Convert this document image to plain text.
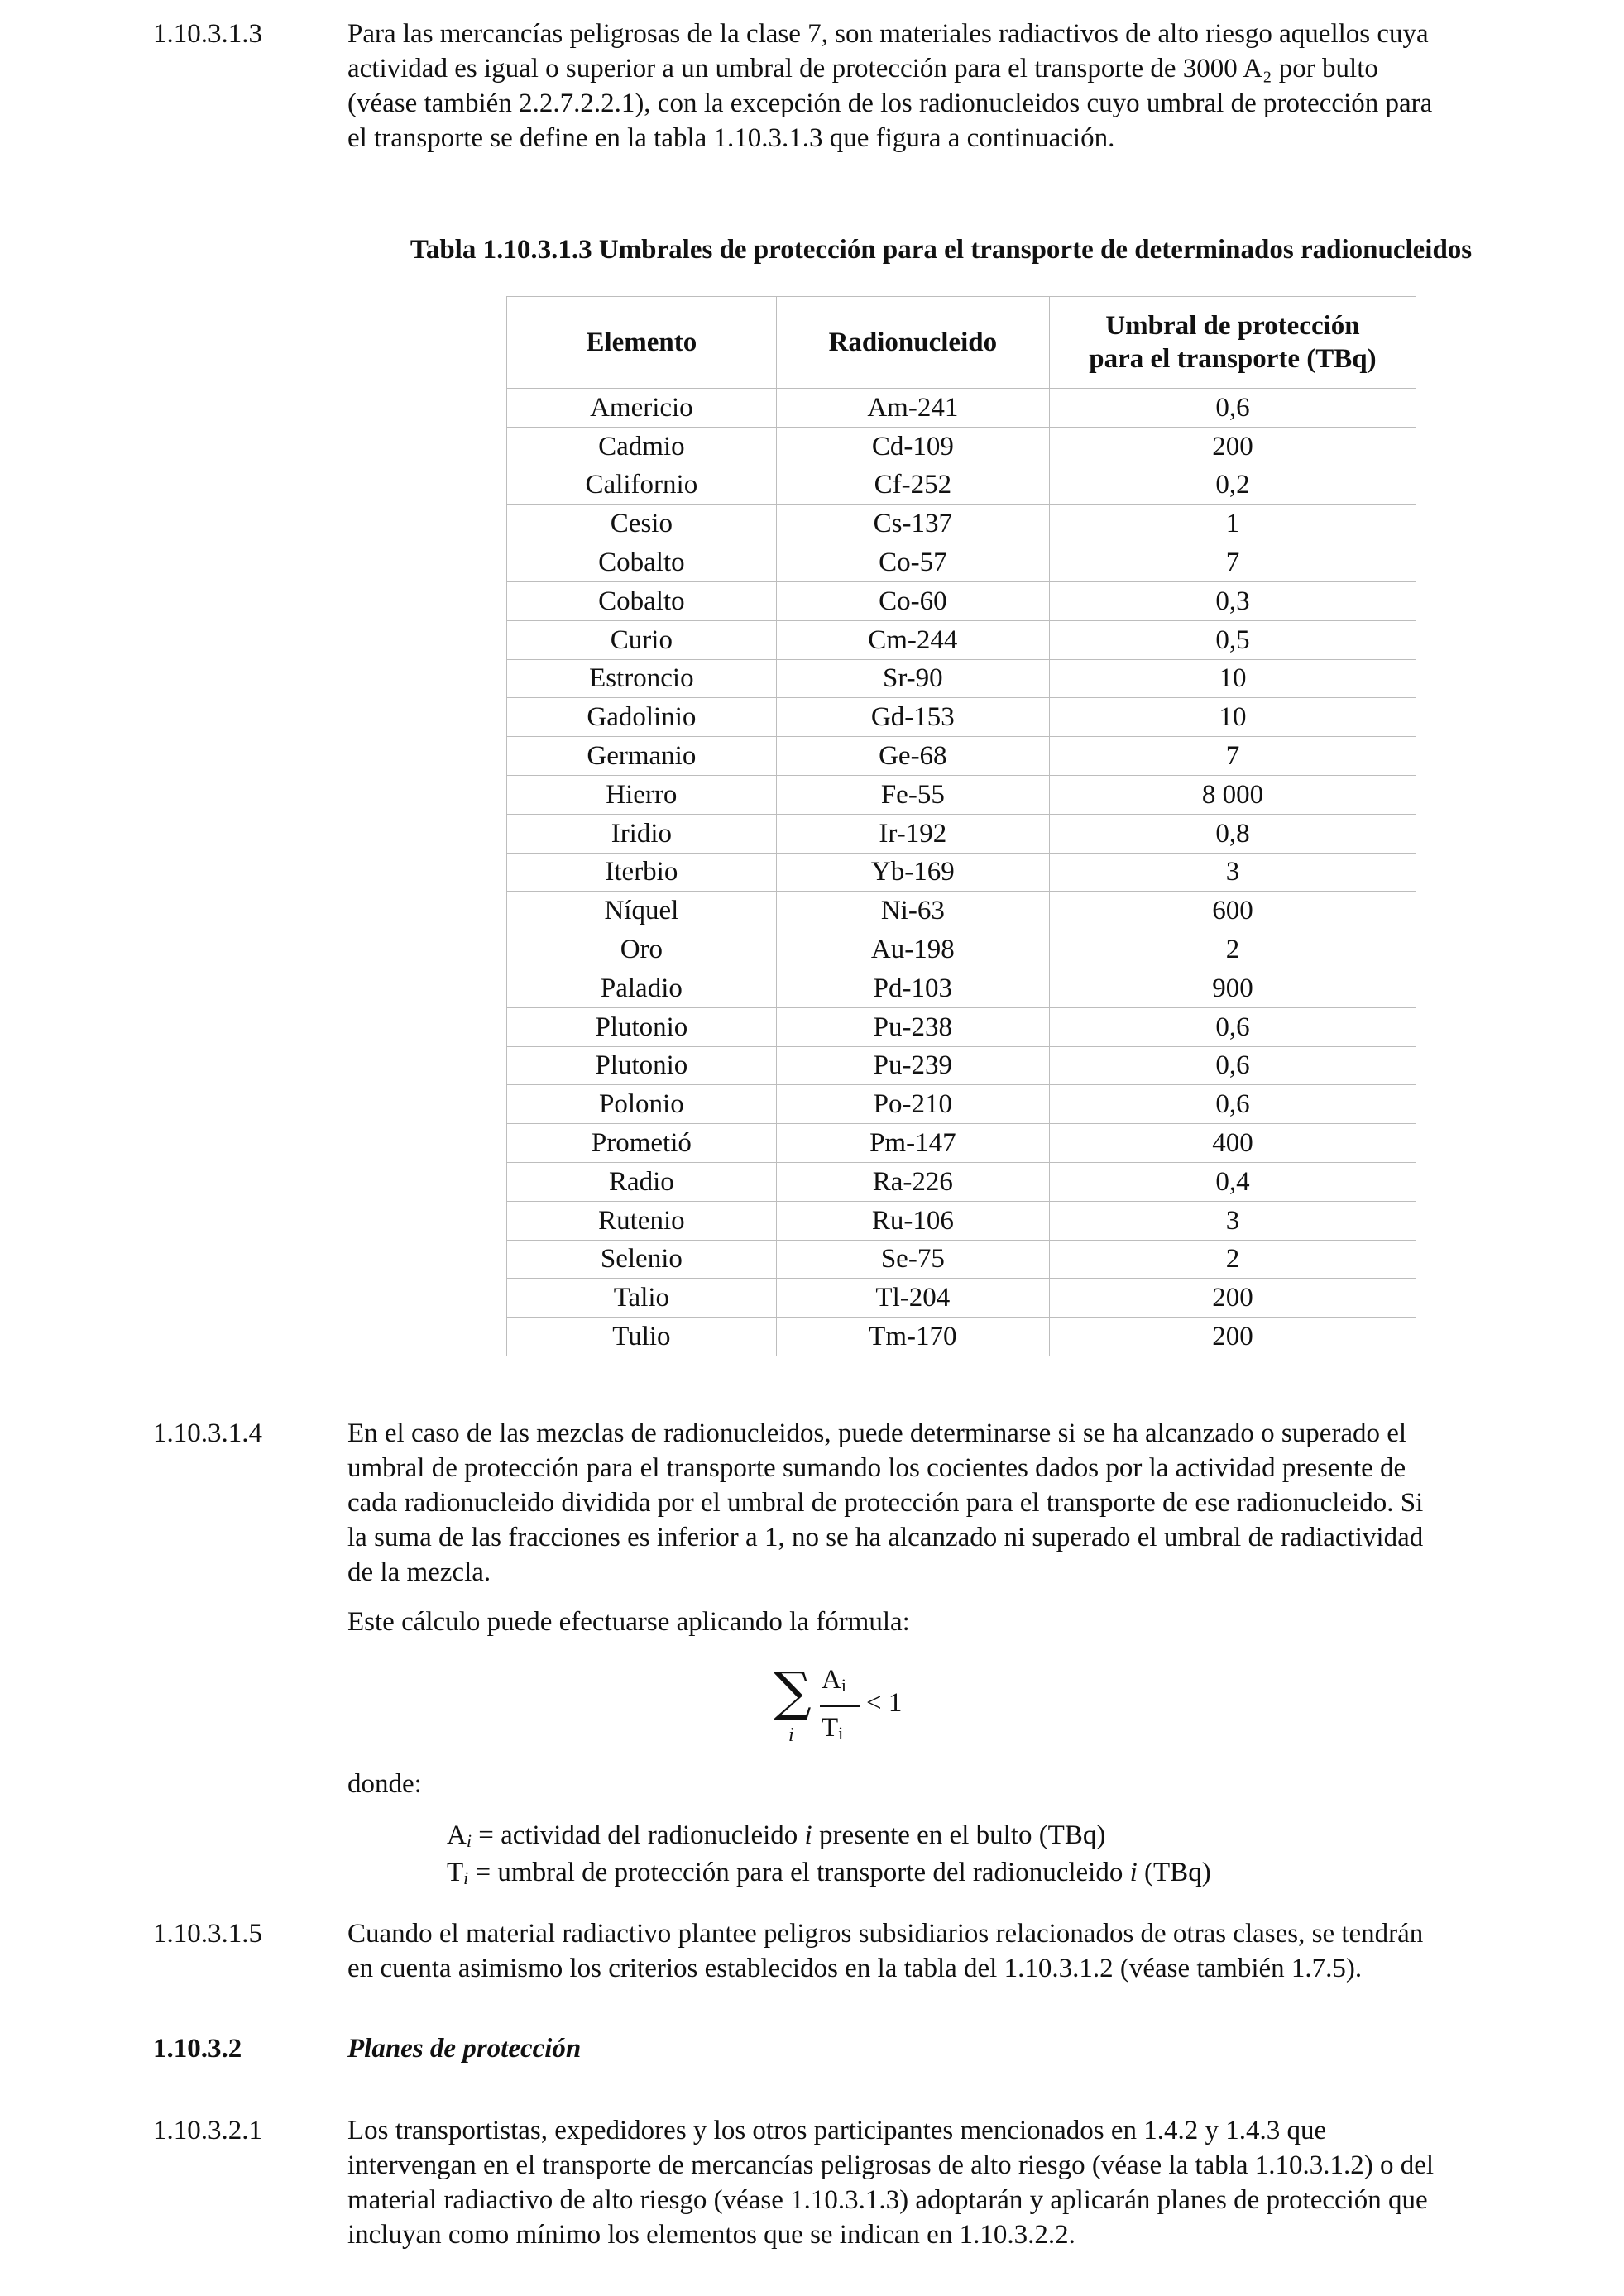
1.10.3.1.3	Para las mercancías peligrosas de la clase 7, son materiales radiactivos de alto riesgo aquellos cuya

actividad es igual o superior a un umbral de protección para el transporte de 3000 A₂ por bulto

(véase también 2.2.7.2.2.1), con la excepción de los radionucleidos cuyo umbral de protección para

el transporte se define en la tabla 1.10.3.1.3 que figura a continuación.

Tabla 1.10.3.1.3 Umbrales de protección para el transporte de determinados radionucleidos
Elemento	Radionucleido	Umbral de protección
para el transporte (TBq)

Americio	Am-241	0,6
Cadmio	Cd-109	200
Californio	Cf-252	0,2
Cesio	Cs-137	1
Cobalto	Co-57	7
Cobalto	Co-60	0,3
Curio	Cm-244	0,5
Estroncio	Sr-90	10
Gadolinio	Gd-153	10
Germanio	Ge-68	7
Hierro	Fe-55	8 000
Iridio	Ir-192	0,8
Iterbio	Yb-169	3
Níquel	Ni-63	600
Oro	Au-198	2
Paladio	Pd-103	900
Plutonio	Pu-238	0,6
Plutonio	Pu-239	0,6
Polonio	Po-210	0,6
Prometió	Pm-147	400
Radio	Ra-226	0,4
Rutenio	Ru-106	3
Selenio	Se-75	2
Talio	Tl-204	200
Tulio	Tm-170	200
1.10.3.1.4	En el caso de las mezclas de radionucleidos, puede determinarse si se ha alcanzado o superado el

umbral de protección para el transporte sumando los cocientes dados por la actividad presente de

cada radionucleido dividida por el umbral de protección para el transporte de ese radionucleido. Si

la suma de las fracciones es inferior a 1, no se ha alcanzado ni superado el umbral de radiactividad

de la mezcla.

Este cálculo puede efectuarse aplicando la fórmula:
∑
i
Ai
Ti
< 1
donde:
Ai = actividad del radionucleido i presente en el bulto (TBq)
Ti = umbral de protección para el transporte del radionucleido i (TBq)
1.10.3.1.5	Cuando el material radiactivo plantee peligros subsidiarios relacionados de otras clases, se tendrán

en cuenta asimismo los criterios establecidos en la tabla del 1.10.3.1.2 (véase también 1.7.5).

1.10.3.2	Planes de protección
1.10.3.2.1	Los transportistas, expedidores y los otros participantes mencionados en 1.4.2 y 1.4.3 que

intervengan en el transporte de mercancías peligrosas de alto riesgo (véase la tabla 1.10.3.1.2) o del

material radiactivo de alto riesgo (véase 1.10.3.1.3) adoptarán y aplicarán planes de protección que

incluyan como mínimo los elementos que se indican en 1.10.3.2.2.
